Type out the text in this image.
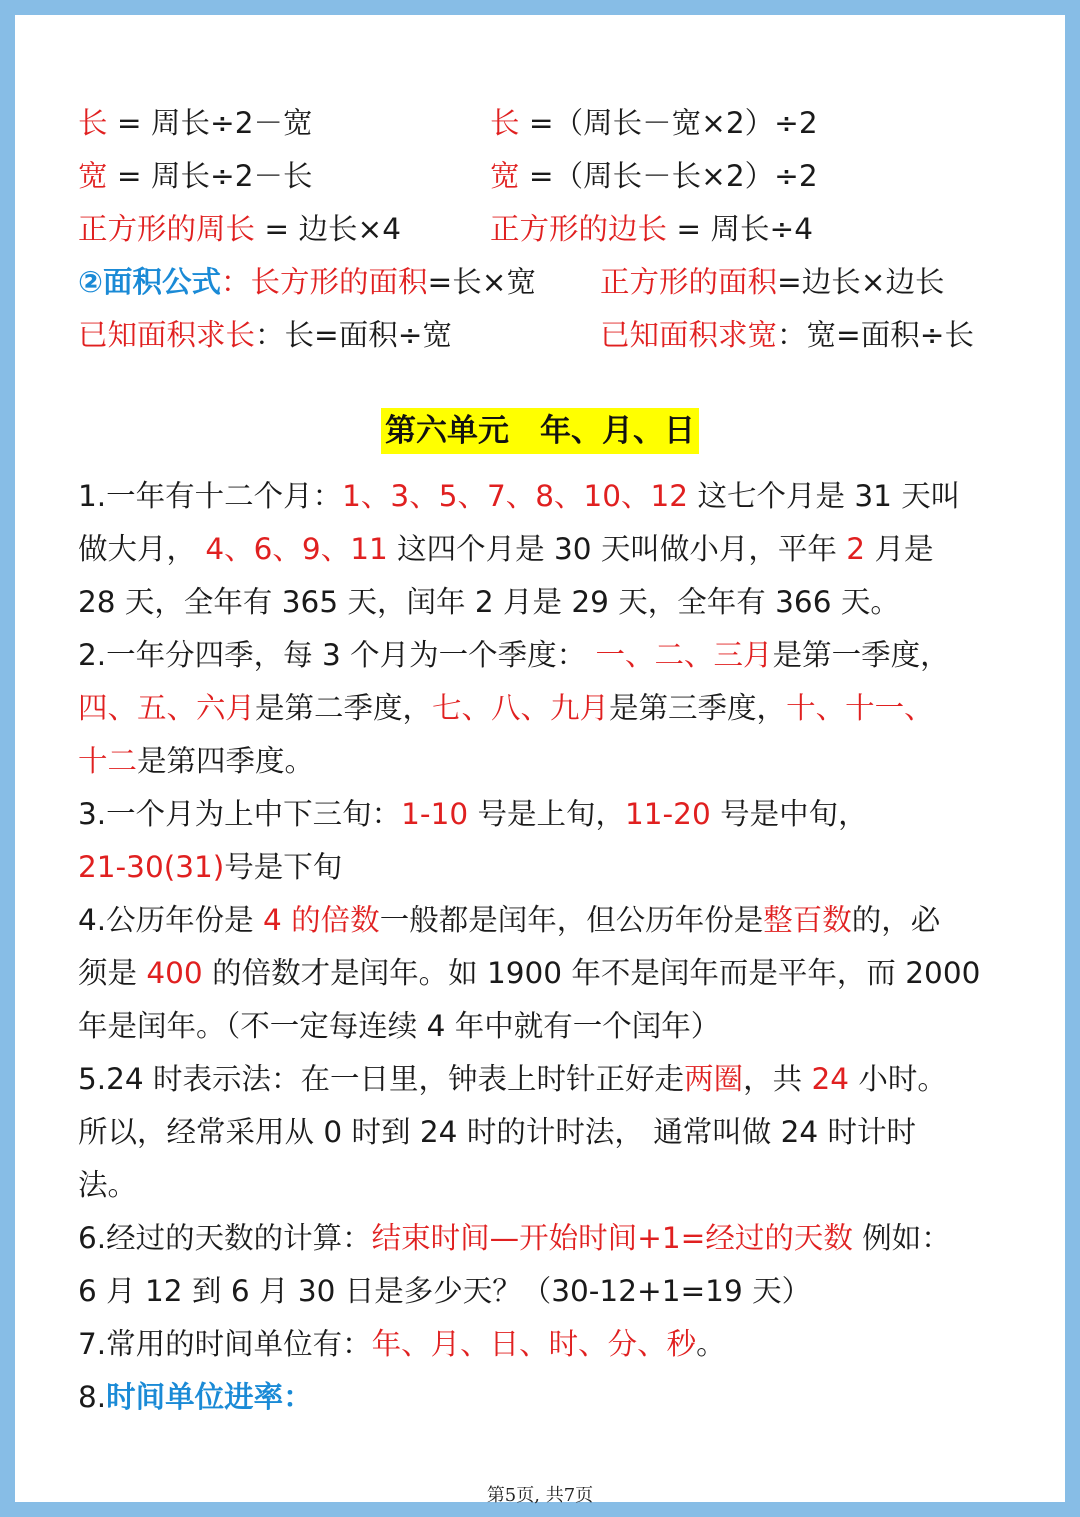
长 = 周长÷2－宽	长 =（周长－宽×2）÷2
宽 = 周长÷2－长	宽 =（周长－长×2）÷2
正方形的周长 = 边长×4	正方形的边长 = 周长÷4
②面积公式：长方形的面积=长×宽 正方形的面积=边长×边长
已知面积求长：长=面积÷宽	已知面积求宽：宽=面积÷长
第六单元　年、月、日
1.一年有十二个月：1、3、5、7、8、10、12 这七个月是 31 天叫
做大月， 4、6、9、11 这四个月是 30 天叫做小月，平年 2 月是
28 天，全年有 365 天，闰年 2 月是 29 天，全年有 366 天。
2.一年分四季，每 3 个月为一个季度： 一、二、三月是第一季度，
四、五、六月是第二季度，七、八、九月是第三季度，十、十一、
十二是第四季度。
3.一个月为上中下三旬：1-10 号是上旬，11-20 号是中旬，
21-30(31)号是下旬
4.公历年份是 4 的倍数一般都是闰年，但公历年份是整百数的，必
须是 400 的倍数才是闰年。如 1900 年不是闰年而是平年，而 2000
年是闰年。（不一定每连续 4 年中就有一个闰年）
5.24 时表示法：在一日里，钟表上时针正好走两圈，共 24 小时。
所以，经常采用从 0 时到 24 时的计时法， 通常叫做 24 时计时
法。
6.经过的天数的计算：结束时间—开始时间+1=经过的天数 例如：
6 月 12 到 6 月 30 日是多少天？（30-12+1=19 天）
7.常用的时间单位有：年、月、日、时、分、秒。
8.时间单位进率：
第5页, 共7页
